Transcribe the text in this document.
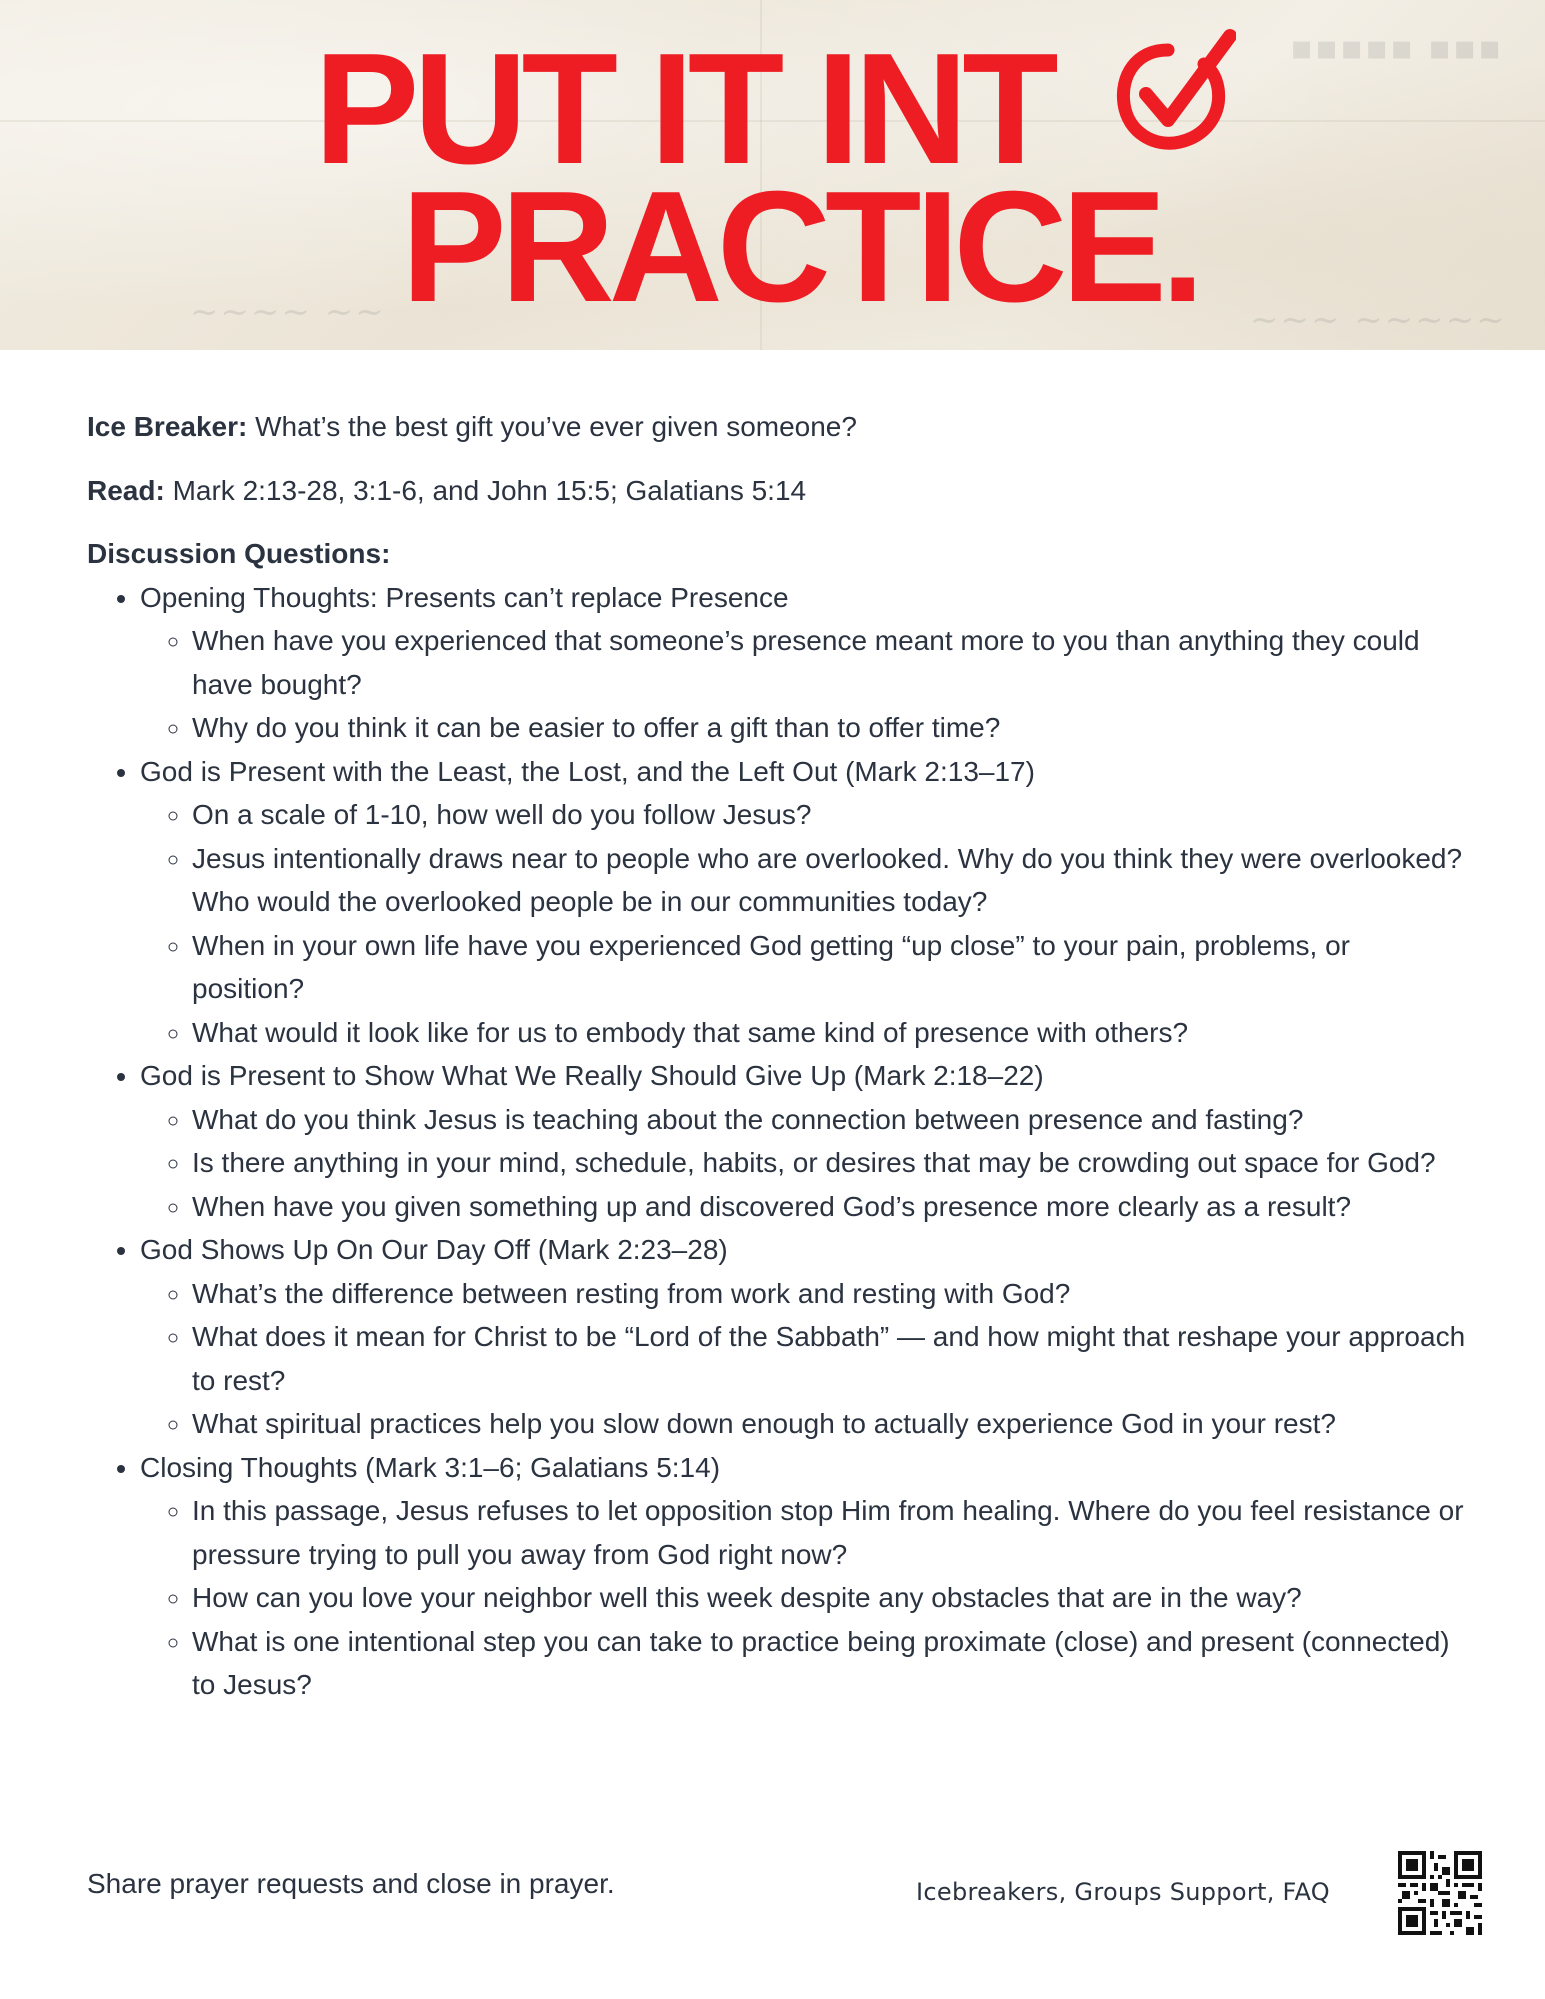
▪▪▪▪▪ ▪▪▪
~~~ ~~~~~
~~~~ ~~
PUT IT INT
PRACTICE.

Ice Breaker: What’s the best gift you’ve ever given someone?

Read: Mark 2:13-28, 3:1-6, and John 15:5; Galatians 5:14

Discussion Questions:
• Opening Thoughts: Presents can’t replace Presence
◦ When have you experienced that someone’s presence meant more to you than anything they could have bought?
◦ Why do you think it can be easier to offer a gift than to offer time?
• God is Present with the Least, the Lost, and the Left Out (Mark 2:13–17)
◦ On a scale of 1-10, how well do you follow Jesus?
◦ Jesus intentionally draws near to people who are overlooked. Why do you think they were overlooked? Who would the overlooked people be in our communities today?
◦ When in your own life have you experienced God getting “up close” to your pain, problems, or position?
◦ What would it look like for us to embody that same kind of presence with others?
• God is Present to Show What We Really Should Give Up (Mark 2:18–22)
◦ What do you think Jesus is teaching about the connection between presence and fasting?
◦ Is there anything in your mind, schedule, habits, or desires that may be crowding out space for God?
◦ When have you given something up and discovered God’s presence more clearly as a result?
• God Shows Up On Our Day Off (Mark 2:23–28)
◦ What’s the difference between resting from work and resting with God?
◦ What does it mean for Christ to be “Lord of the Sabbath” — and how might that reshape your approach to rest?
◦ What spiritual practices help you slow down enough to actually experience God in your rest?
• Closing Thoughts (Mark 3:1–6; Galatians 5:14)
◦ In this passage, Jesus refuses to let opposition stop Him from healing. Where do you feel resistance or pressure trying to pull you away from God right now?
◦ How can you love your neighbor well this week despite any obstacles that are in the way?
◦ What is one intentional step you can take to practice being proximate (close) and present (connected) to Jesus?
Share prayer requests and close in prayer.	Icebreakers, Groups Support, FAQ
